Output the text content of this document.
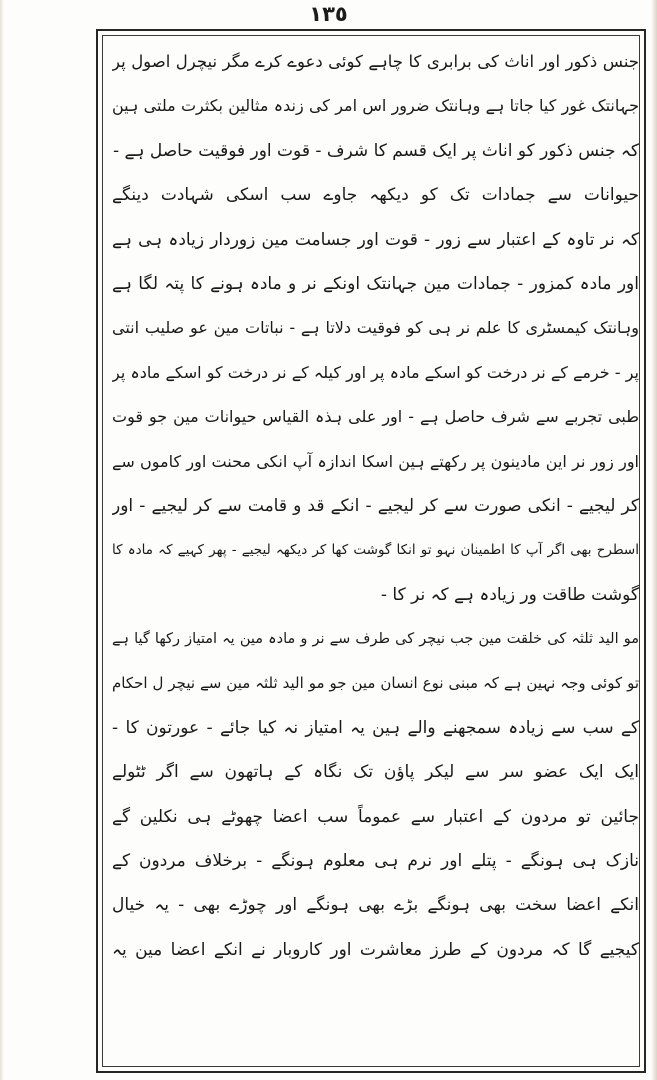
١٣٥
جنس ذکور اور اناث کی برابری کا چاہے کوئی دعوے کرے مگر نیچرل اصول پر
جہانتک غور کیا جاتا ہے وہانتک ضرور اس امر کی زندہ مثالین بکثرت ملتی ہین
کہ جنس ذکور کو اناث پر ایک قسم کا شرف - قوت اور فوقیت حاصل ہے -
حیوانات سے جمادات تک کو دیکھہ جاوے سب اسکی شہادت دینگے
کہ نر تاوہ کے اعتبار سے زور - قوت اور جسامت مین زوردار زیادہ ہی ہے
اور مادہ کمزور - جمادات مین جہانتک اونکے نر و مادہ ہونے کا پتہ لگا ہے
وہانتک کیمسٹری کا علم نر ہی کو فوقیت دلاتا ہے - نباتات مین عو صلیب انتی
پر - خرمے کے نر درخت کو اسکے مادہ پر اور کیلہ کے نر درخت کو اسکے مادہ پر
طبی تجربے سے شرف حاصل ہے - اور علی ہذہ القیاس حیوانات مین جو قوت
اور زور نر این مادینون پر رکھتے ہین اسکا اندازہ آپ انکی محنت اور کاموں سے
کر لیجیے - انکی صورت سے کر لیجیے - انکے قد و قامت سے کر لیجیے - اور
اسطرح بھی اگر آپ کا اطمینان نہو تو انکا گوشت کھا کر دیکھہ لیجیے - پھر کہیے کہ مادہ کا
گوشت طاقت ور زیادہ ہے کہ نر کا -
مو الید ثلثہ کی خلقت مین جب نیچر کی طرف سے نر و مادہ مین یہ امتیاز رکھا گیا ہے
تو کوئی وجہ نہین ہے کہ مبنی نوع انسان مین جو مو الید ثلثہ مین سے نیچر ل احکام
کے سب سے زیادہ سمجھنے والے ہین یہ امتیاز نہ کیا جائے - عورتون کا -
ایک ایک عضو سر سے لیکر پاؤن تک نگاہ کے ہاتھون سے اگر ٹٹولے
جائین تو مردون کے اعتبار سے عموماً سب اعضا چھوٹے ہی نکلین گے
نازک ہی ہونگے - پتلے اور نرم ہی معلوم ہونگے - برخلاف مردون کے
انکے اعضا سخت بھی ہونگے بڑے بھی ہونگے اور چوڑے بھی - یہ خیال
کیجیے گا کہ مردون کے طرز معاشرت اور کاروبار نے انکے اعضا مین یہ
